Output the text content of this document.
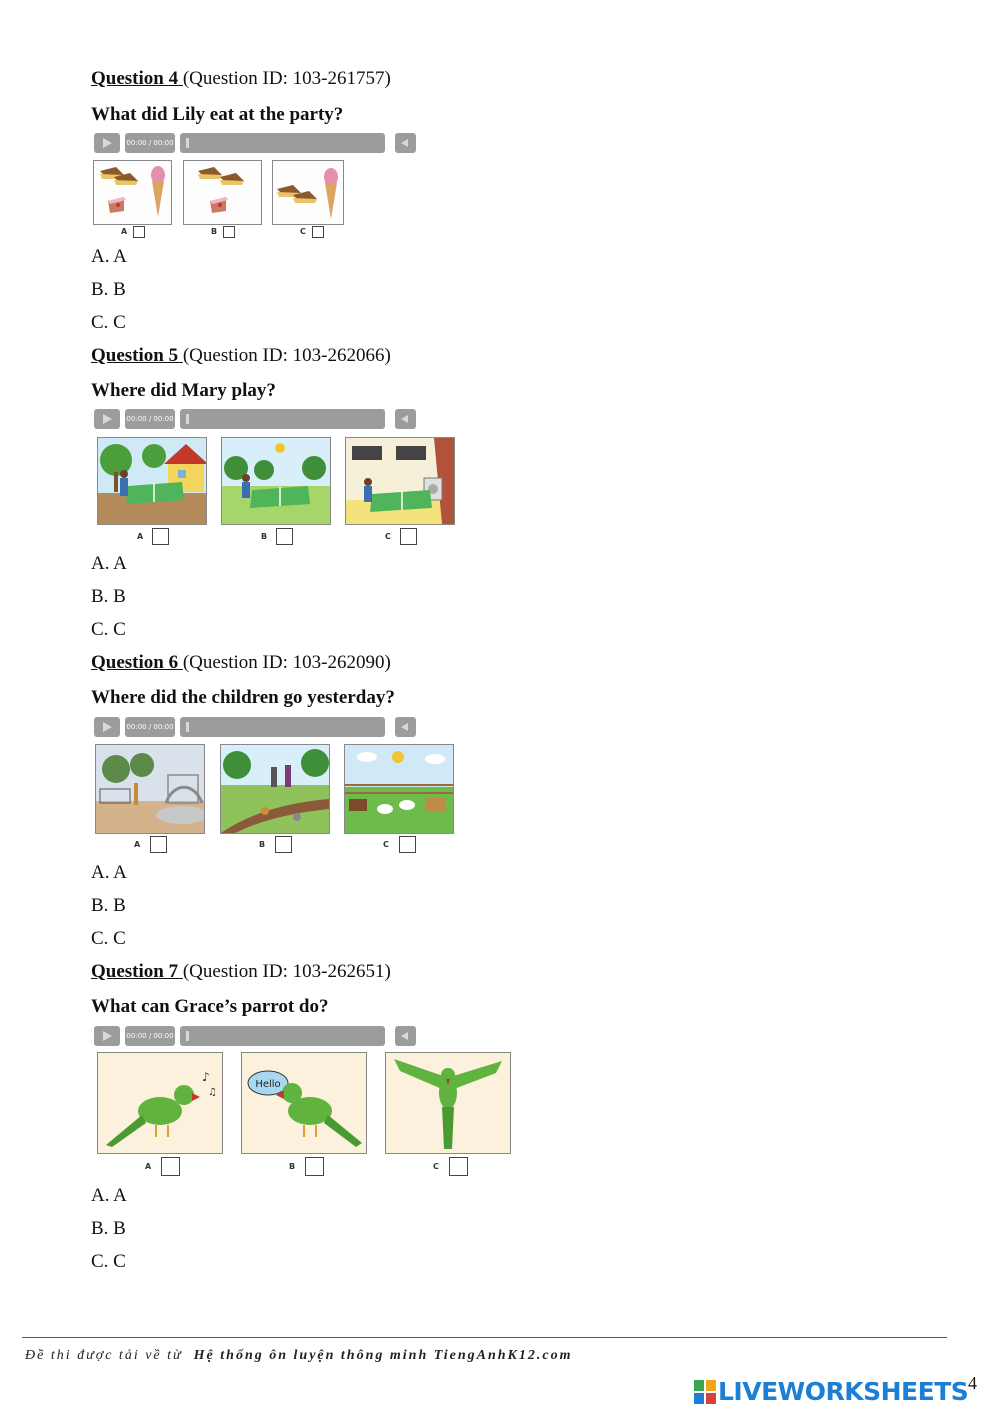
Question 4 (Question ID: 103-261757)
What did Lily eat at the party?
00:00 / 00:00
A	B	C
A. A
B. B
C. C
Question 5 (Question ID: 103-262066)
Where did Mary play?
00:00 / 00:00
A	B	C
A. A
B. B
C. C
Question 6 (Question ID: 103-262090)
Where did the children go yesterday?
00:00 / 00:00
A	B	C
A. A
B. B
C. C
Question 7 (Question ID: 103-262651)
What can Grace’s parrot do?
00:00 / 00:00
♪
♫
Hello
A	B	C
A. A
B. B
C. C
Đề thi được tải về từ Hệ thống ôn luyện thông minh TiengAnhK12.com
LIVEWORKSHEETS 4
